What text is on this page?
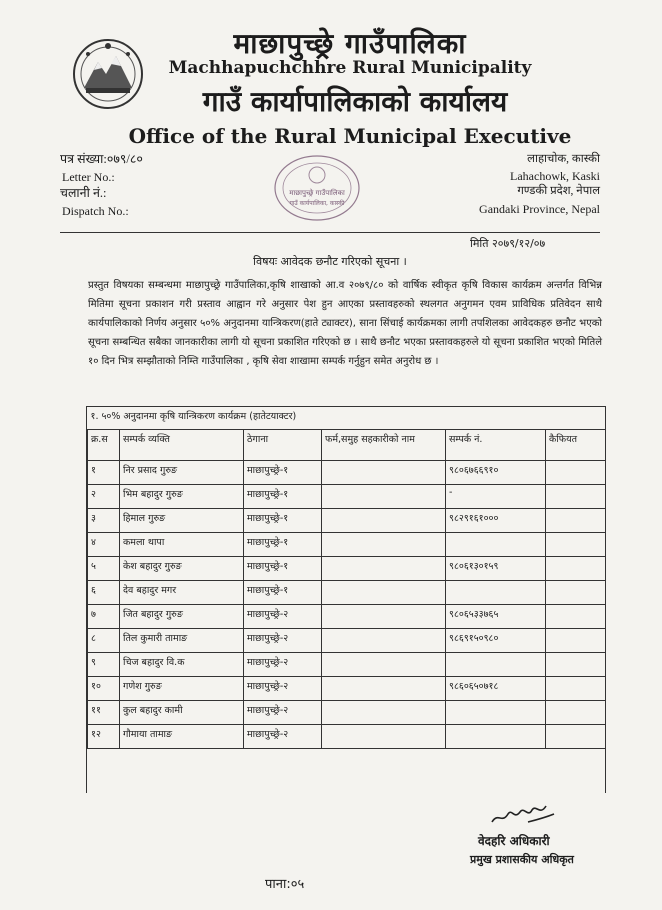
माछापुच्छ्रे गाउँपालिका
Machhapuchchhre Rural Municipality
गाउँ कार्यापालिकाको कार्यालय
Office of the Rural Municipal Executive
पत्र संख्या:०७९/८०
Letter No.:
चलानी नं.:
Dispatch No.:
माछापुच्छ्रे गाउँपालिका
गाउँ कार्यपालिका, कास्की
लाहाचोक, कास्की
Lahachowk, Kaski
गण्डकी प्रदेश, नेपाल
Gandaki Province, Nepal
मिति २०७९/१२/०७
विषयः आवेदक छनौट गरिएको सूचना ।
प्रस्तुत विषयका सम्बन्धमा माछापुच्छ्रे गाउँपालिका,कृषि शाखाको आ.व २०७९/८० को वार्षिक स्वीकृत कृषि विकास कार्यक्रम अन्तर्गत विभिन्न मितिमा सूचना प्रकाशन गरी प्रस्ताव आह्वान गरे अनुसार पेश हुन आएका प्रस्तावहरुको स्थलगत अनुगमन एवम प्राविधिक प्रतिवेदन साथै कार्यपालिकाको निर्णय अनुसार ५०% अनुदानमा यान्त्रिकरण(हाते ट्याक्टर), साना सिंचाई कार्यक्रमका लागी तपशिलका आवेदकहरु छनौट भएको सूचना सम्बन्धित सबैका जानकारीका लागी यो सूचना प्रकाशित गरिएको छ । साथै छनौट भएका प्रस्तावकहरुले यो सूचना प्रकाशित भएको मितिले १० दिन भित्र सम्झौताको निम्ति गाउँपालिका , कृषि सेवा शाखामा सम्पर्क गर्नुहुन समेत अनुरोध छ ।
१. ५०% अनुदानमा कृषि यान्त्रिकरण कार्यक्रम (हातेटयाक्टर)					
क्र.स	सम्पर्क व्यक्ति	ठेगाना	फर्म,समुह सहकारीको नाम	सम्पर्क नं.	कैफियत
१	निर प्रसाद गुरुङ	माछापुच्छ्रे-१		९८०६७६६९१०	
२	भिम बहादुर गुरुङ	माछापुच्छ्रे-१		-	
३	हिमाल गुरुङ	माछापुच्छ्रे-१		९८२९१६१०००	
४	कमला थापा	माछापुच्छ्रे-१			
५	केश बहादुर गुरुङ	माछापुच्छ्रे-१		९८०६१३०१५९	
६	देव बहादुर मगर	माछापुच्छ्रे-१			
७	जित बहादुर गुरुङ	माछापुच्छ्रे-२		९८०६५३३७६५	
८	तिल कुमारी तामाङ	माछापुच्छ्रे-२		९८६९१५०९८०	
९	चिज बहादुर वि.क	माछापुच्छ्रे-२			
१०	गणेश गुरुङ	माछापुच्छ्रे-२		९८६०६५०७१८	
११	कुल बहादुर कामी	माछापुच्छ्रे-२			
१२	गौमाया तामाङ	माछापुच्छ्रे-२			
वेदहरि अधिकारी
प्रमुख प्रशासकीय अधिकृत
पाना:०५
